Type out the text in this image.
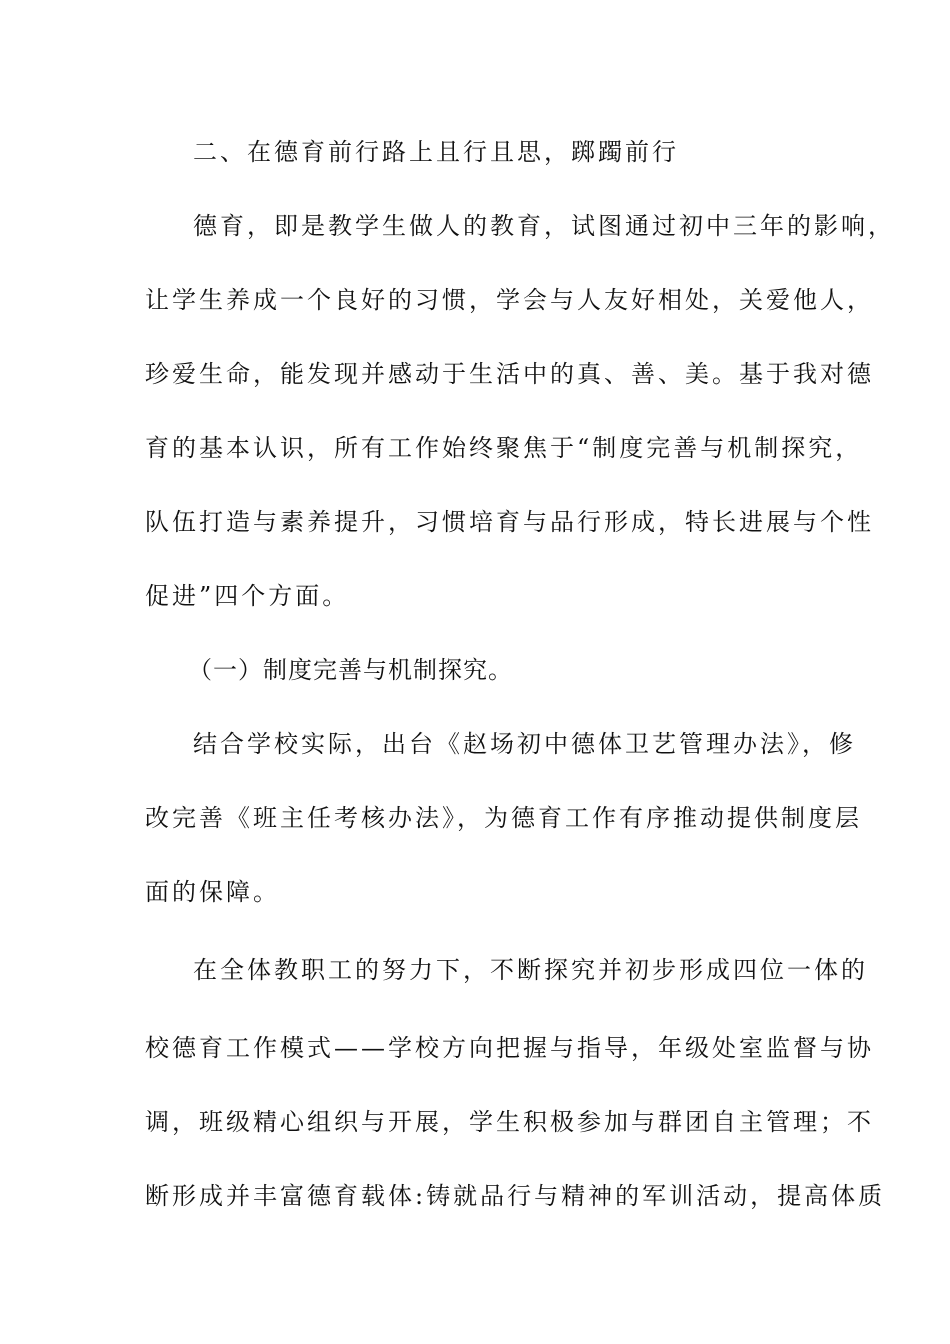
二、在德育前行路上且行且思，踯躅前行
德育，即是教学生做人的教育，试图通过初中三年的影响，
让学生养成一个良好的习惯，学会与人友好相处，关爱他人，
珍爱生命，能发现并感动于生活中的真、善、美。基于我对德
育的基本认识，所有工作始终聚焦于“制度完善与机制探究，
队伍打造与素养提升，习惯培育与品行形成，特长进展与个性
促进”四个方面。
（一）制度完善与机制探究。
结合学校实际，出台《赵场初中德体卫艺管理办法》，修
改完善《班主任考核办法》，为德育工作有序推动提供制度层
面的保障。
在全体教职工的努力下，不断探究并初步形成四位一体的
校德育工作模式——学校方向把握与指导，年级处室监督与协
调，班级精心组织与开展，学生积极参加与群团自主管理；不
断形成并丰富德育载体:铸就品行与精神的军训活动，提高体质
